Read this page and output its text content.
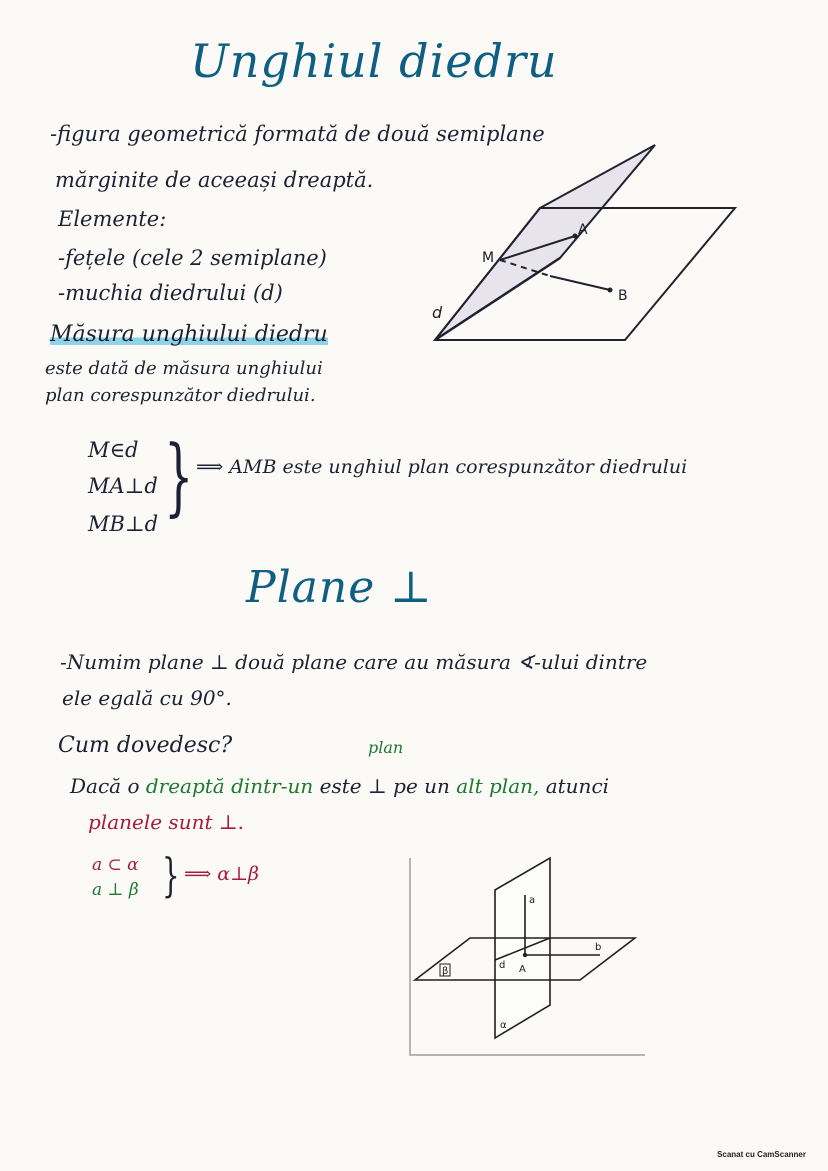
Unghiul diedru
-figura geometrică formată de două semiplane
mărginite de aceeași dreaptă.
Elemente:
-fețele (cele 2 semiplane)
-muchia diedrului (d)
Măsura unghiului diedru
este dată de măsura unghiului
plan corespunzător diedrului.
M
A
B
d
M∈d
MA⊥d
MB⊥d } ⟹ AMB este unghiul plan corespunzător diedrului
Plane ⊥
-Numim plane ⊥ două plane care au măsura ∢-ului dintre
ele egală cu 90°.
Cum dovedesc?	plan
Dacă o dreaptă dintr-un este ⊥ pe un alt plan, atunci
planele sunt ⊥.
a ⊂ α
a ⊥ β } ⟹ α⊥β
a
b
d A
α
β
Scanat cu CamScanner
